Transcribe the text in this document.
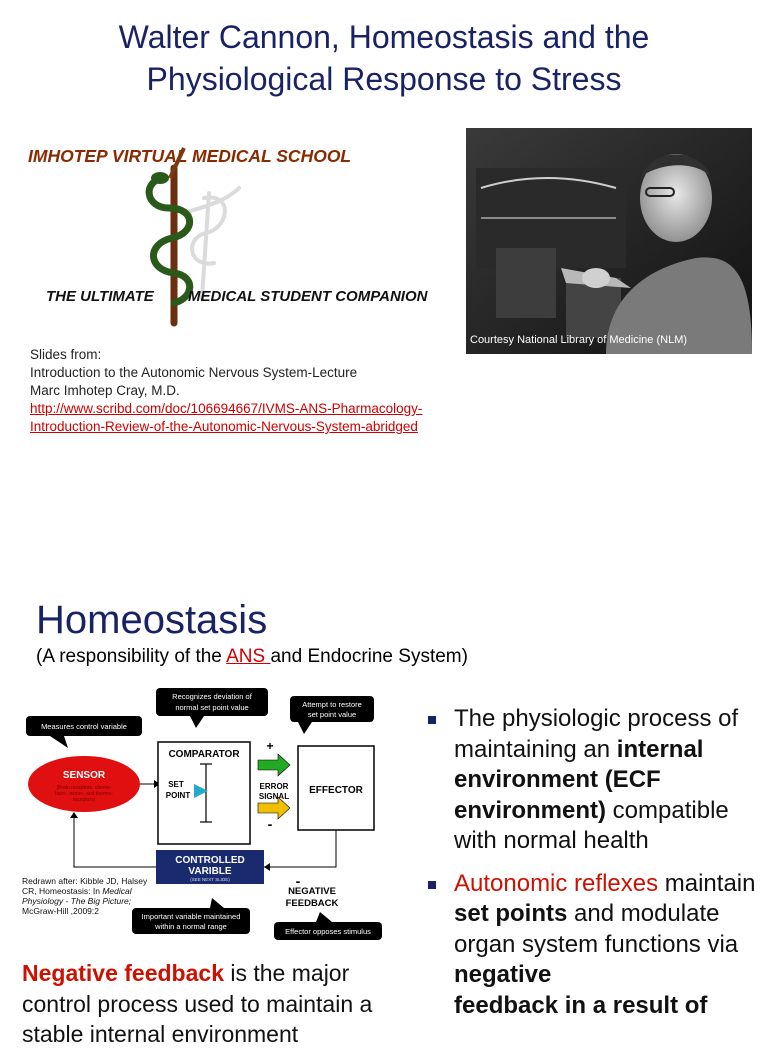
Walter Cannon, Homeostasis and the
Physiological Response to Stress
IMHOTEP VIRTUAL MEDICAL SCHOOL
THE ULTIMATE MEDICAL STUDENT COMPANION
Courtesy National Library of Medicine (NLM)
Slides from:
Introduction to the Autonomic Nervous System-Lecture
Marc Imhotep Cray, M.D.
http://www.scribd.com/doc/106694667/IVMS-ANS-Pharmacology-
Introduction-Review-of-the-Autonomic-Nervous-System-abridged
Homeostasis
(A responsibility of the ANS and Endocrine System)
Measures control variable
Recognizes deviation of
normal set point value	Attempt to restore
set point value
SENSOR
(Brain receptors, chemo-
baro-, osmo-, and thermo-
receptors)
COMPARATOR
SET
POINT
+
ERROR
SIGNAL
-
EFFECTOR
CONTROLLED
VARIBLE
(SEE NEXT SLIDE)	-
NEGATIVE
FEEDBACK
Important variable maintained
within a normal range
Effector opposes stimulus
Redrawn after: Kibble JD, Halsey
CR, Homeostasis: In Medical
Physiology - The Big Picture;
McGraw-Hill ,2009:2
The physiologic process of maintaining an internal environment (ECF environment) compatible with normal health
Autonomic reflexes maintain set points and modulate organ system functions via negative
feedback in a result of
Negative feedback is the major control process used to maintain a
stable internal environment
